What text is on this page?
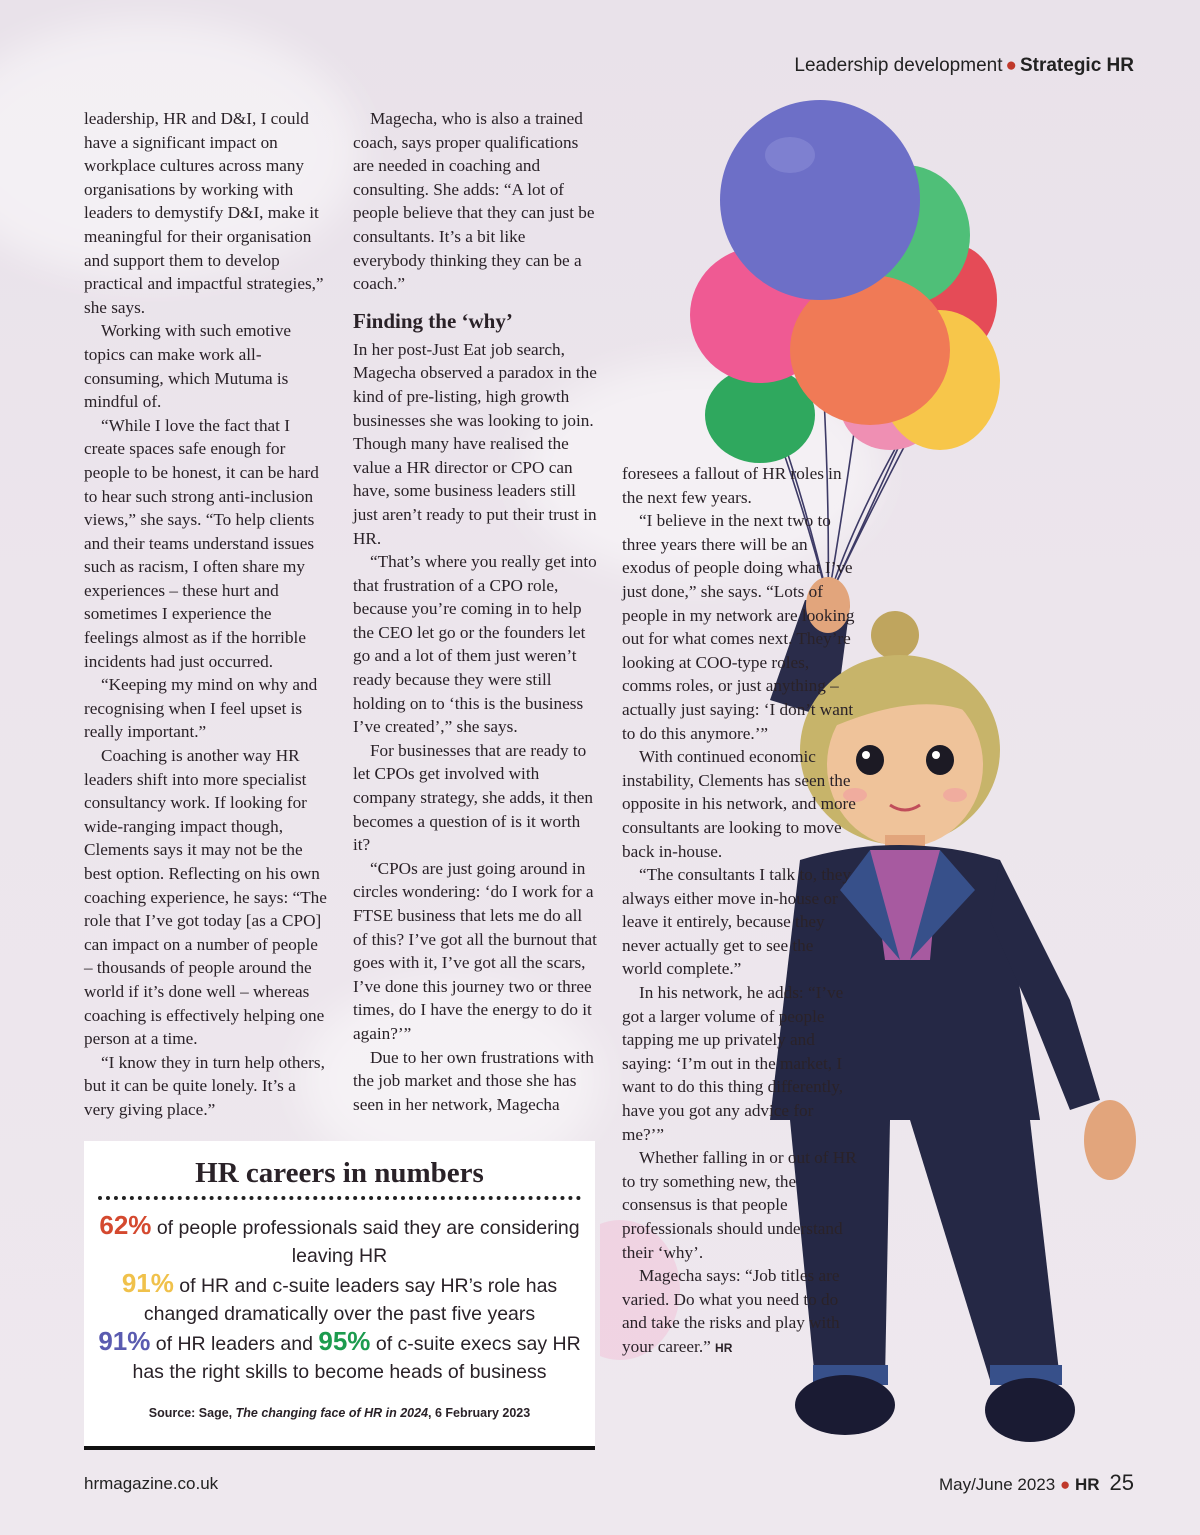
Leadership development ● Strategic HR

leadership, HR and D&I, I could have a significant impact on workplace cultures across many organisations by working with leaders to demystify D&I, make it meaningful for their organisation and support them to develop practical and impactful strategies,” she says.

Working with such emotive topics can make work all-consuming, which Mutuma is mindful of.

“While I love the fact that I create spaces safe enough for people to be honest, it can be hard to hear such strong anti-inclusion views,” she says. “To help clients and their teams understand issues such as racism, I often share my experiences – these hurt and sometimes I experience the feelings almost as if the horrible incidents had just occurred.

“Keeping my mind on why and recognising when I feel upset is really important.”

Coaching is another way HR leaders shift into more specialist consultancy work. If looking for wide-ranging impact though, Clements says it may not be the best option. Reflecting on his own coaching experience, he says: “The role that I’ve got today [as a CPO] can impact on a number of people – thousands of people around the world if it’s done well – whereas coaching is effectively helping one person at a time.

“I know they in turn help others, but it can be quite lonely. It’s a very giving place.”

Magecha, who is also a trained coach, says proper qualifications are needed in coaching and consulting. She adds: “A lot of people believe that they can just be consultants. It’s a bit like everybody thinking they can be a coach.”

Finding the ‘why’

In her post-Just Eat job search, Magecha observed a paradox in the kind of pre-listing, high growth businesses she was looking to join. Though many have realised the value a HR director or CPO can have, some business leaders still just aren’t ready to put their trust in HR.

“That’s where you really get into that frustration of a CPO role, because you’re coming in to help the CEO let go or the founders let go and a lot of them just weren’t ready because they were still holding on to ‘this is the business I’ve created’,” she says.

For businesses that are ready to let CPOs get involved with company strategy, she adds, it then becomes a question of is it worth it?

“CPOs are just going around in circles wondering: ‘do I work for a FTSE business that lets me do all of this? I’ve got all the burnout that goes with it, I’ve got all the scars, I’ve done this journey two or three times, do I have the energy to do it again?’”

Due to her own frustrations with the job market and those she has seen in her network, Magecha

foresees a fallout of HR roles in the next few years.

“I believe in the next two to three years there will be an exodus of people doing what I’ve just done,” she says. “Lots of people in my network are looking out for what comes next. They’re looking at COO-type roles, comms roles, or just anything – actually just saying: ‘I don’t want to do this anymore.’”

With continued economic instability, Clements has seen the opposite in his network, and more consultants are looking to move back in-house.

“The consultants I talk to, they always either move in-house or leave it entirely, because they never actually get to see the world complete.”

In his network, he adds: “I’ve got a larger volume of people tapping me up privately and saying: ‘I’m out in the market, I want to do this thing differently, have you got any advice for me?’”

Whether falling in or out of HR to try something new, the consensus is that people professionals should understand their ‘why’.

Magecha says: “Job titles are varied. Do what you need to do and take the risks and play with your career.” HR

HR careers in numbers
62% of people professionals said they are considering leaving HR
91% of HR and c-suite leaders say HR’s role has changed dramatically over the past five years
91% of HR leaders and 95% of c-suite execs say HR has the right skills to become heads of business
Source: Sage, The changing face of HR in 2024, 6 February 2023
hrmagazine.co.uk	May/June 2023 ● HR 25
